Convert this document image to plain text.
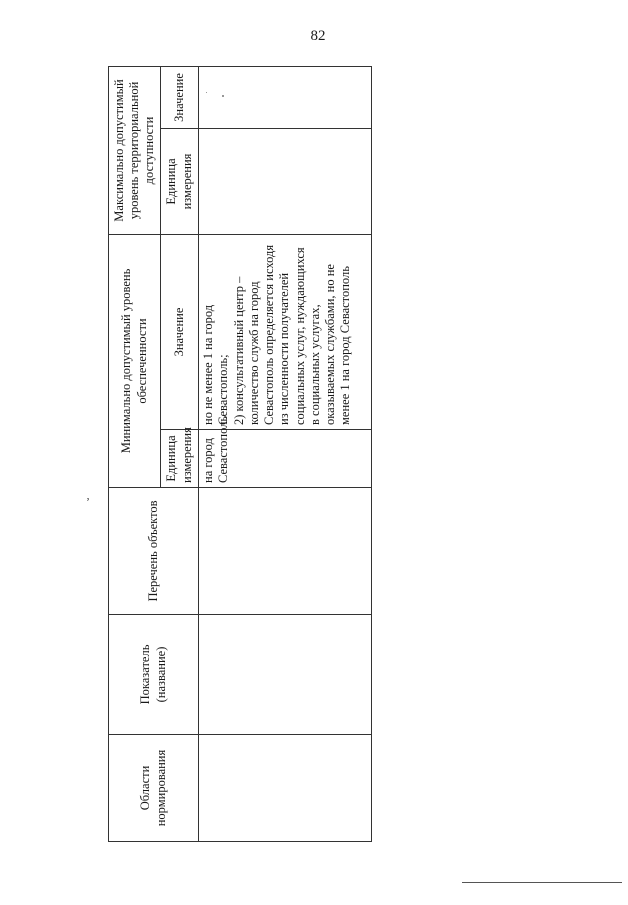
82
ʼ
Области нормирования	Показатель (название)	Перечень объектов	Минимально допустимый уровень обеспеченности		Максимально допустимый уровень территориальной доступности	
			Единица измерения	Значение	Единица измерения	Значение
			на город Севастополь	но не менее 1 на город Севастополь; 2) консультативный центр – количество служб на город Севастополь определяется исходя из численности получателей социальных услуг, нуждающихся в социальных услугах, оказываемых службами, но не менее 1 на город Севастополь		
